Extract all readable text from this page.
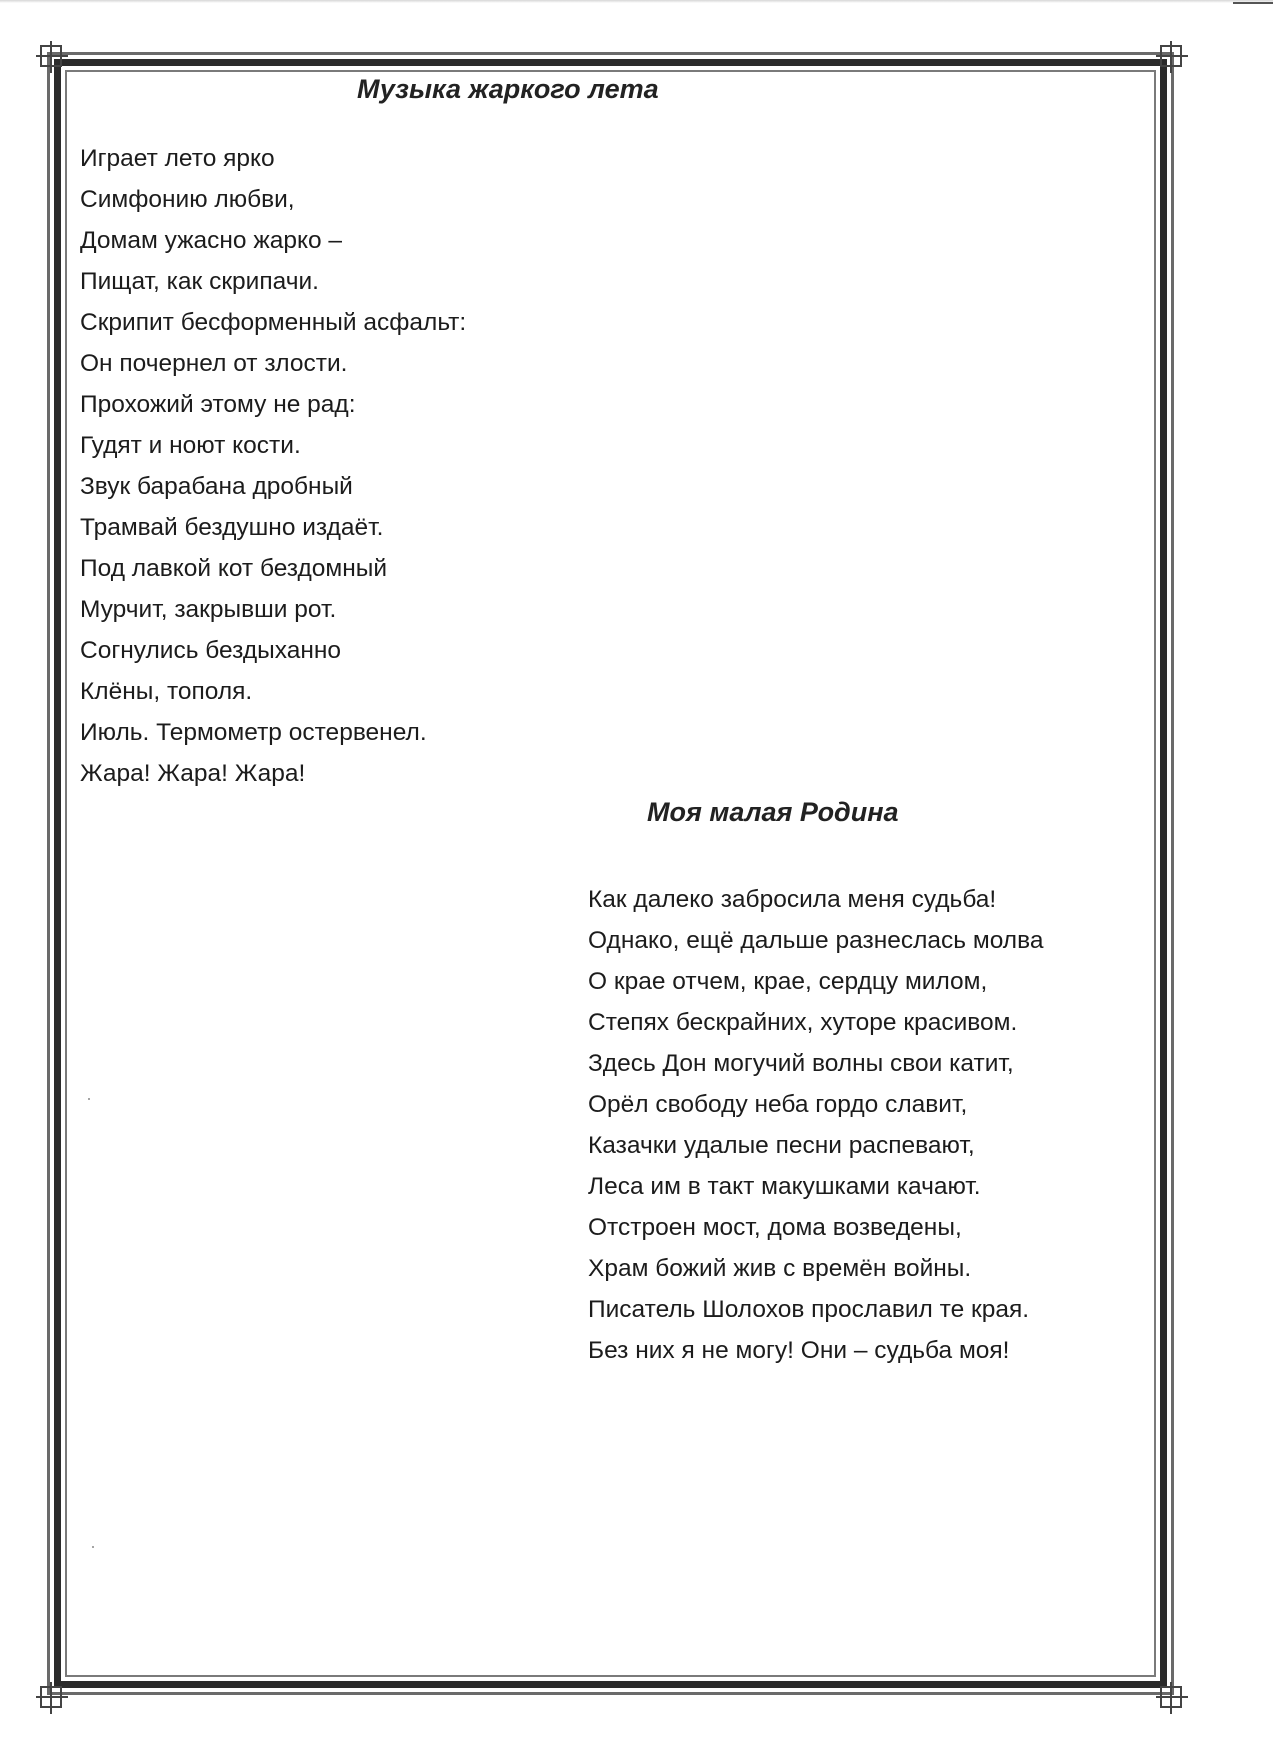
Музыка жаркого лета
Играет лето ярко
Симфонию любви,
Домам ужасно жарко –
Пищат, как скрипачи.
Скрипит бесформенный асфальт:
Он почернел от злости.
Прохожий этому не рад:
Гудят и ноют кости.
Звук барабана дробный
Трамвай бездушно издаёт.
Под лавкой кот бездомный
Мурчит, закрывши рот.
Согнулись бездыханно
Клёны, тополя.
Июль. Термометр остервенел.
Жара! Жара! Жара!
Моя малая Родина
Как далеко забросила меня судьба!
Однако, ещё дальше разнеслась молва
О крае отчем, крае, сердцу милом,
Степях бескрайних, хуторе красивом.
Здесь Дон могучий волны свои катит,
Орёл свободу неба гордо славит,
Казачки удалые песни распевают,
Леса им в такт макушками качают.
Отстроен мост, дома возведены,
Храм божий жив с времён войны.
Писатель Шолохов прославил те края.
Без них я не могу! Они – судьба моя!
